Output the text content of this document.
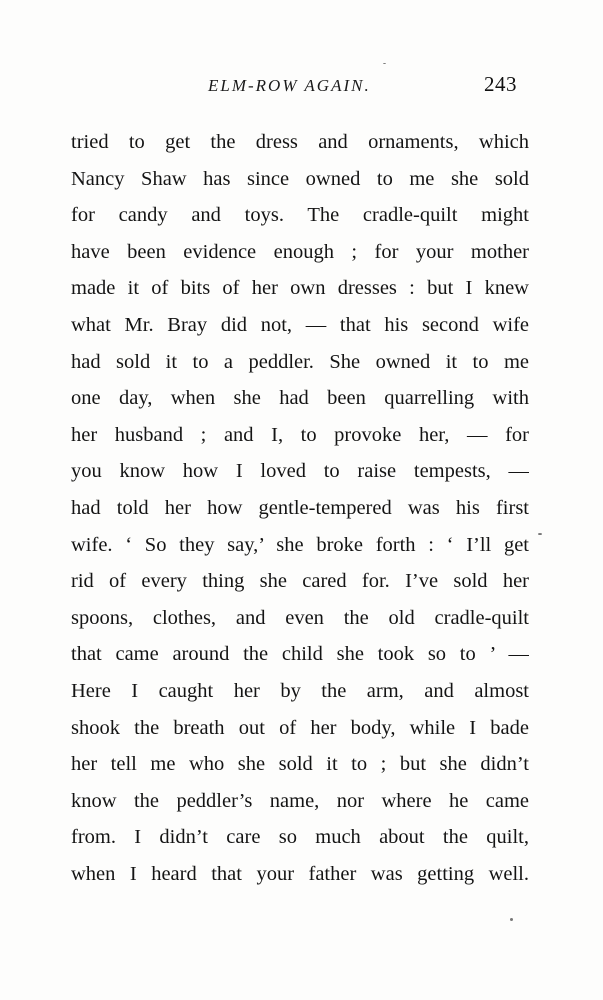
ELM-ROW AGAIN.	243
tried to get the dress and ornaments, which
Nancy Shaw has since owned to me she sold
for candy and toys. The cradle-quilt might
have been evidence enough ; for your mother
made it of bits of her own dresses : but I knew
what Mr. Bray did not, — that his second wife
had sold it to a peddler. She owned it to me
one day, when she had been quarrelling with
her husband ; and I, to provoke her, — for
you know how I loved to raise tempests, —
had told her how gentle-tempered was his first
wife. ‘ So they say,’ she broke forth : ‘ I’ll get
rid of every thing she cared for. I’ve sold her
spoons, clothes, and even the old cradle-quilt
that came around the child she took so to ’ —
Here I caught her by the arm, and almost
shook the breath out of her body, while I bade
her tell me who she sold it to ; but she didn’t
know the peddler’s name, nor where he came
from. I didn’t care so much about the quilt,
when I heard that your father was getting well.
